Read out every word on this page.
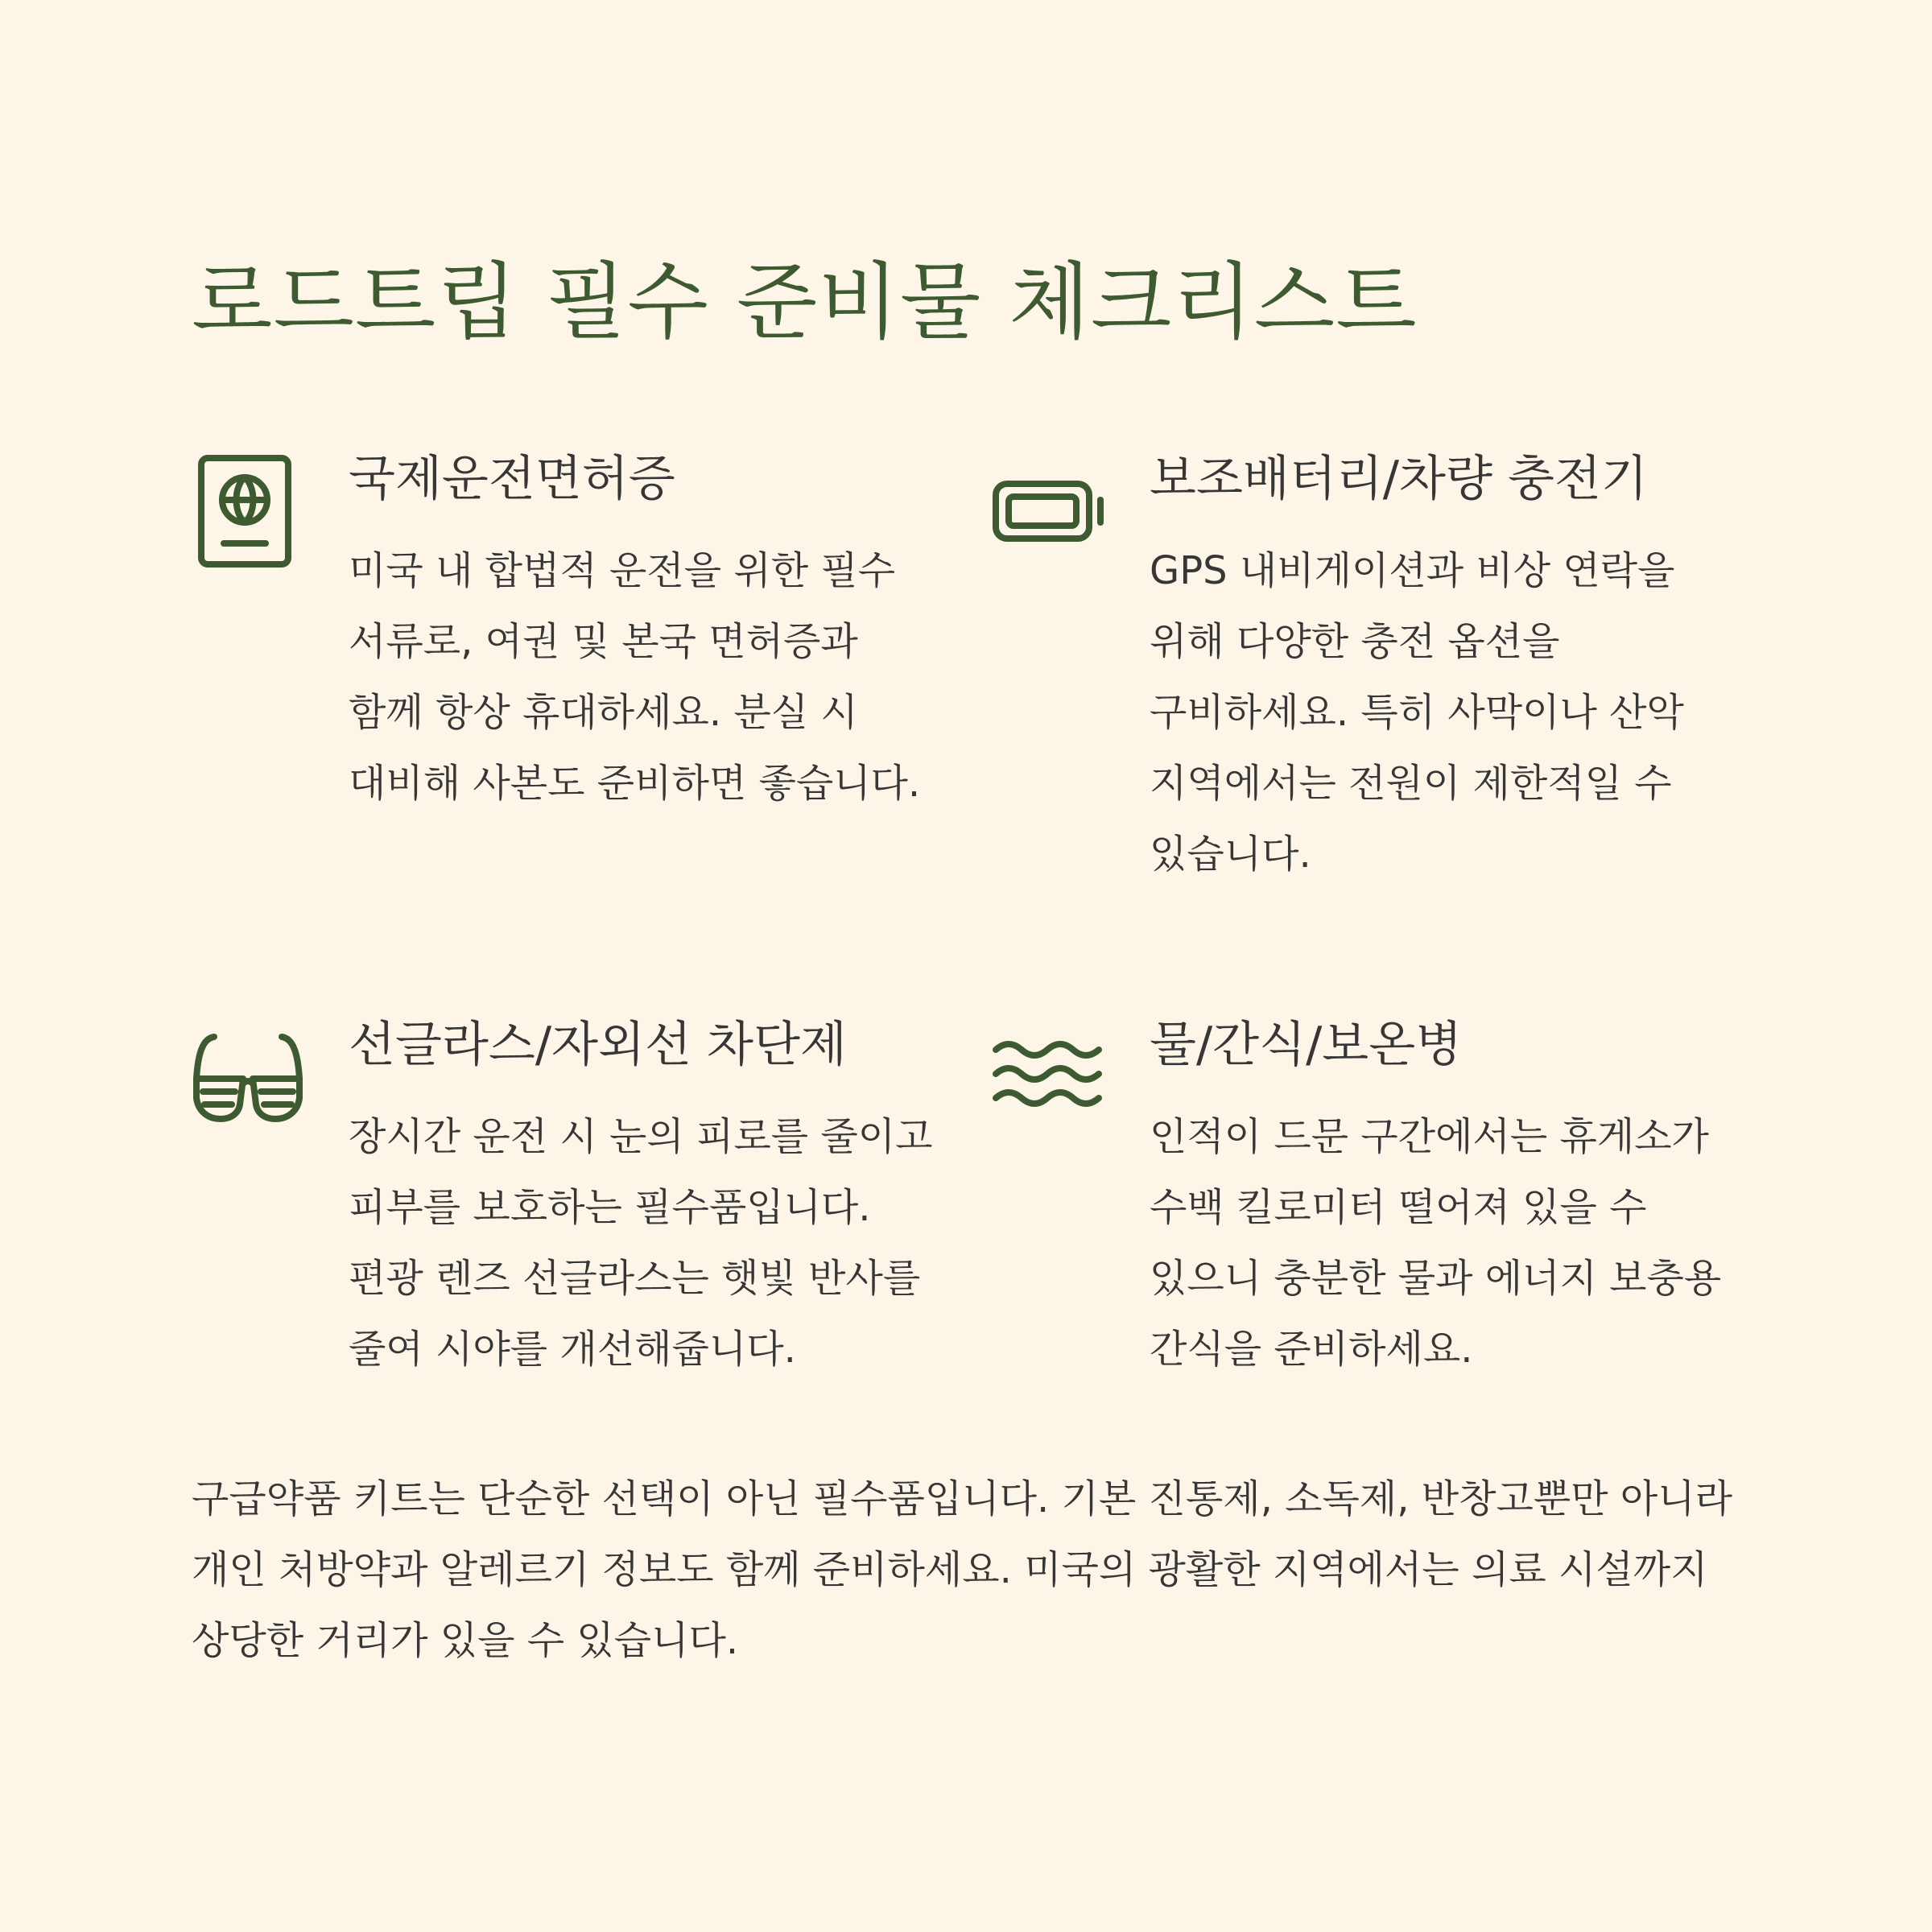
로드트립 필수 준비물 체크리스트
국제운전면허증

미국 내 합법적 운전을 위한 필수 서류로, 여권 및 본국 면허증과 함께 항상 휴대하세요. 분실 시 대비해 사본도 준비하면 좋습니다.

보조배터리/차량 충전기

GPS 내비게이션과 비상 연락을 위해 다양한 충전 옵션을 구비하세요. 특히 사막이나 산악 지역에서는 전원이 제한적일 수 있습니다.

선글라스/자외선 차단제

장시간 운전 시 눈의 피로를 줄이고 피부를 보호하는 필수품입니다. 편광 렌즈 선글라스는 햇빛 반사를 줄여 시야를 개선해줍니다.

물/간식/보온병

인적이 드문 구간에서는 휴게소가 수백 킬로미터 떨어져 있을 수 있으니 충분한 물과 에너지 보충용 간식을 준비하세요.

구급약품 키트는 단순한 선택이 아닌 필수품입니다. 기본 진통제, 소독제, 반창고뿐만 아니라 개인 처방약과 알레르기 정보도 함께 준비하세요. 미국의 광활한 지역에서는 의료 시설까지 상당한 거리가 있을 수 있습니다.
